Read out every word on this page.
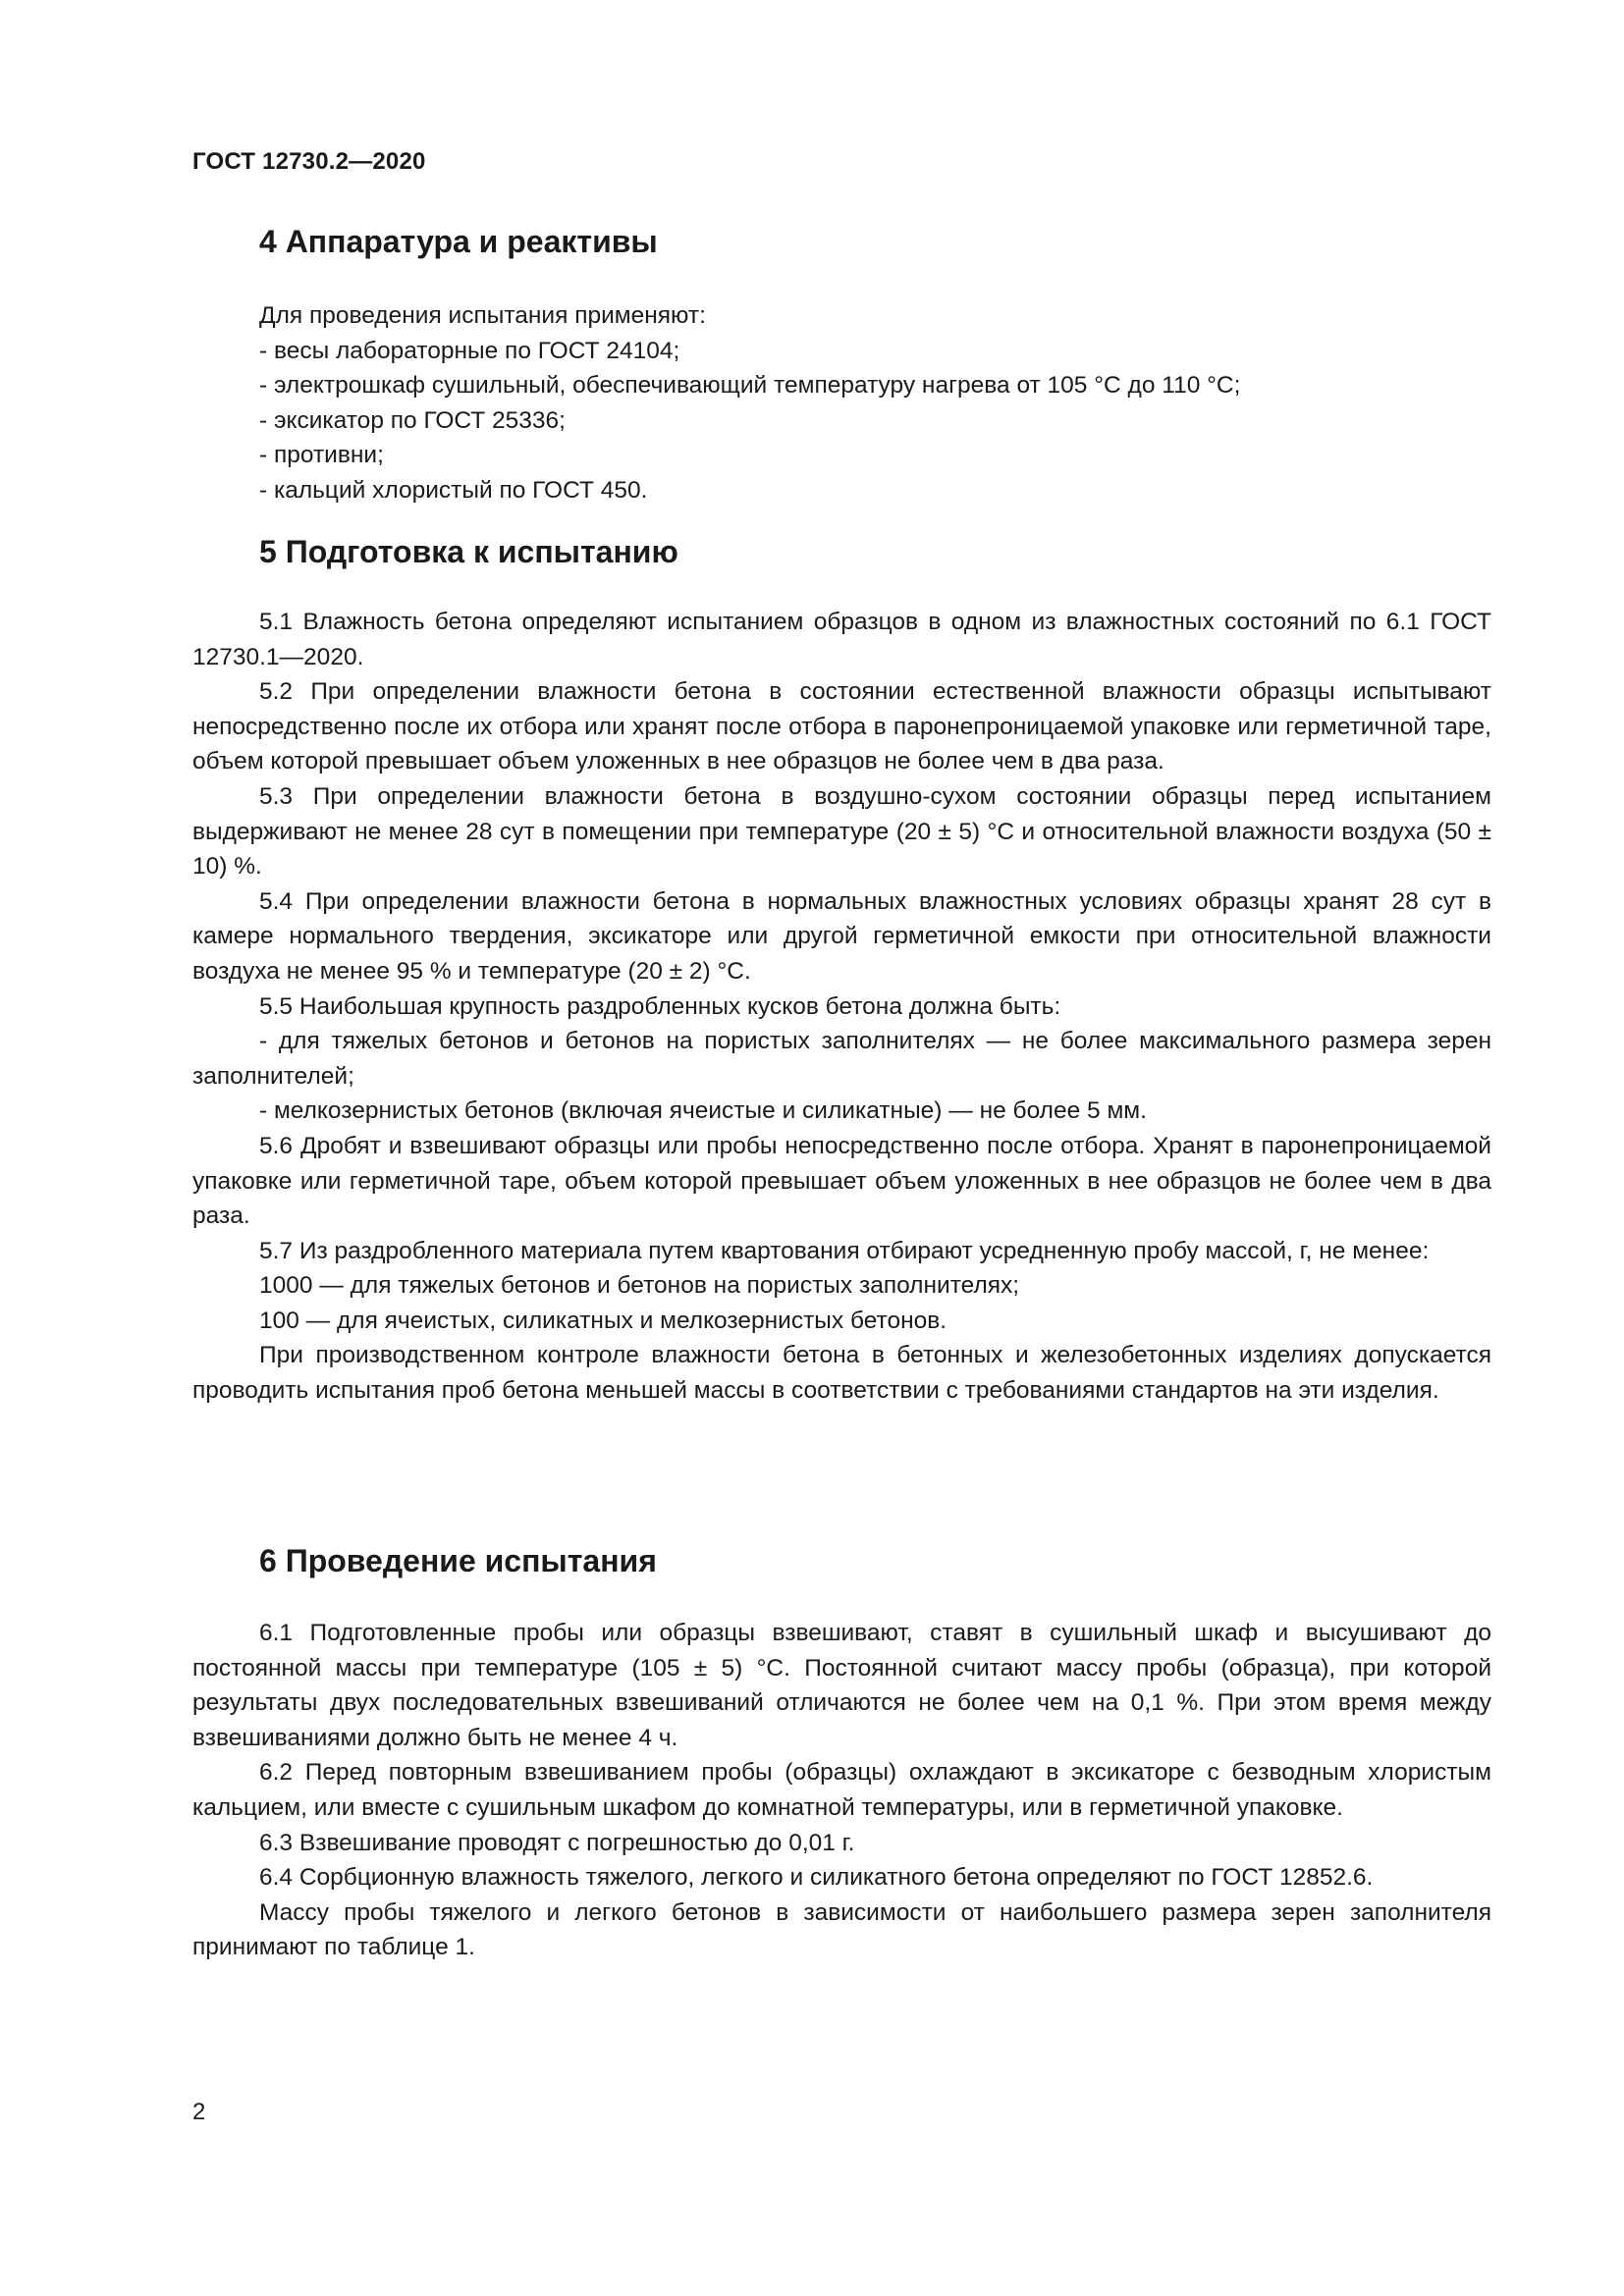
ГОСТ 12730.2—2020
4 Аппаратура и реактивы

Для проведения испытания применяют:

- весы лабораторные по ГОСТ 24104;

- электрошкаф сушильный, обеспечивающий температуру нагрева от 105 °С до 110 °С;

- эксикатор по ГОСТ 25336;

- противни;

- кальций хлористый по ГОСТ 450.

5 Подготовка к испытанию

5.1 Влажность бетона определяют испытанием образцов в одном из влажностных состояний по 6.1 ГОСТ 12730.1—2020.

5.2 При определении влажности бетона в состоянии естественной влажности образцы испытывают непосредственно после их отбора или хранят после отбора в паронепроницаемой упаковке или герметичной таре, объем которой превышает объем уложенных в нее образцов не более чем в два раза.

5.3 При определении влажности бетона в воздушно-сухом состоянии образцы перед испытанием выдерживают не менее 28 сут в помещении при температуре (20 ± 5) °С и относительной влажности воздуха (50 ± 10) %.

5.4 При определении влажности бетона в нормальных влажностных условиях образцы хранят 28 сут в камере нормального твердения, эксикаторе или другой герметичной емкости при относительной влажности воздуха не менее 95 % и температуре (20 ± 2) °С.

5.5 Наибольшая крупность раздробленных кусков бетона должна быть:

- для тяжелых бетонов и бетонов на пористых заполнителях — не более максимального размера зерен заполнителей;

- мелкозернистых бетонов (включая ячеистые и силикатные) — не более 5 мм.

5.6 Дробят и взвешивают образцы или пробы непосредственно после отбора. Хранят в паронепроницаемой упаковке или герметичной таре, объем которой превышает объем уложенных в нее образцов не более чем в два раза.

5.7 Из раздробленного материала путем квартования отбирают усредненную пробу массой, г, не менее:

1000 — для тяжелых бетонов и бетонов на пористых заполнителях;

100 — для ячеистых, силикатных и мелкозернистых бетонов.

При производственном контроле влажности бетона в бетонных и железобетонных изделиях допускается проводить испытания проб бетона меньшей массы в соответствии с требованиями стандартов на эти изделия.

6 Проведение испытания

6.1 Подготовленные пробы или образцы взвешивают, ставят в сушильный шкаф и высушивают до постоянной массы при температуре (105 ± 5) °С. Постоянной считают массу пробы (образца), при которой результаты двух последовательных взвешиваний отличаются не более чем на 0,1 %. При этом время между взвешиваниями должно быть не менее 4 ч.

6.2 Перед повторным взвешиванием пробы (образцы) охлаждают в эксикаторе с безводным хлористым кальцием, или вместе с сушильным шкафом до комнатной температуры, или в герметичной упаковке.

6.3 Взвешивание проводят с погрешностью до 0,01 г.

6.4 Сорбционную влажность тяжелого, легкого и силикатного бетона определяют по ГОСТ 12852.6.

Массу пробы тяжелого и легкого бетонов в зависимости от наибольшего размера зерен заполнителя принимают по таблице 1.

2
